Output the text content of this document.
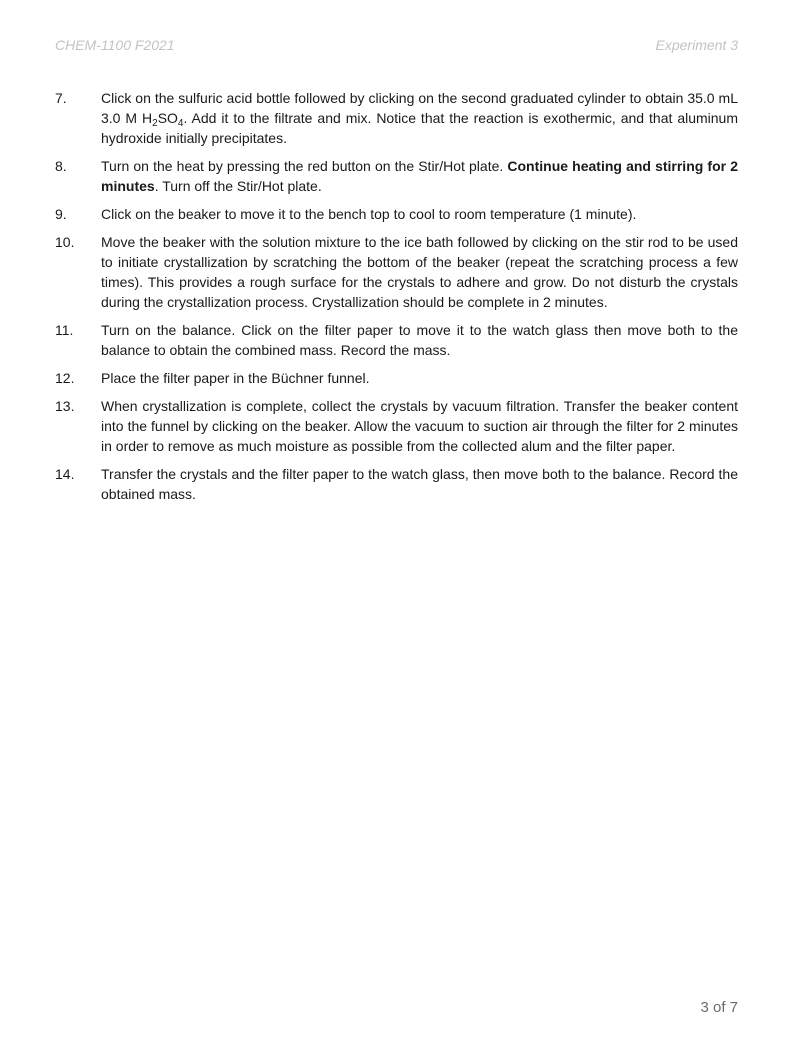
CHEM-1100 F2021	Experiment 3
7.	Click on the sulfuric acid bottle followed by clicking on the second graduated cylinder to obtain 35.0 mL 3.0 M $H_2SO_4$. Add it to the filtrate and mix. Notice that the reaction is exothermic, and that aluminum hydroxide initially precipitates.
8.	Turn on the heat by pressing the red button on the Stir/Hot plate. Continue heating and stirring for 2 minutes. Turn off the Stir/Hot plate.
9.	Click on the beaker to move it to the bench top to cool to room temperature (1 minute).
10.	Move the beaker with the solution mixture to the ice bath followed by clicking on the stir rod to be used to initiate crystallization by scratching the bottom of the beaker (repeat the scratching process a few times). This provides a rough surface for the crystals to adhere and grow. Do not disturb the crystals during the crystallization process. Crystallization should be complete in 2 minutes.
11.	Turn on the balance. Click on the filter paper to move it to the watch glass then move both to the balance to obtain the combined mass. Record the mass.
12.	Place the filter paper in the Büchner funnel.
13.	When crystallization is complete, collect the crystals by vacuum filtration. Transfer the beaker content into the funnel by clicking on the beaker. Allow the vacuum to suction air through the filter for 2 minutes in order to remove as much moisture as possible from the collected alum and the filter paper.
14.	Transfer the crystals and the filter paper to the watch glass, then move both to the balance. Record the obtained mass.
3 of 7
